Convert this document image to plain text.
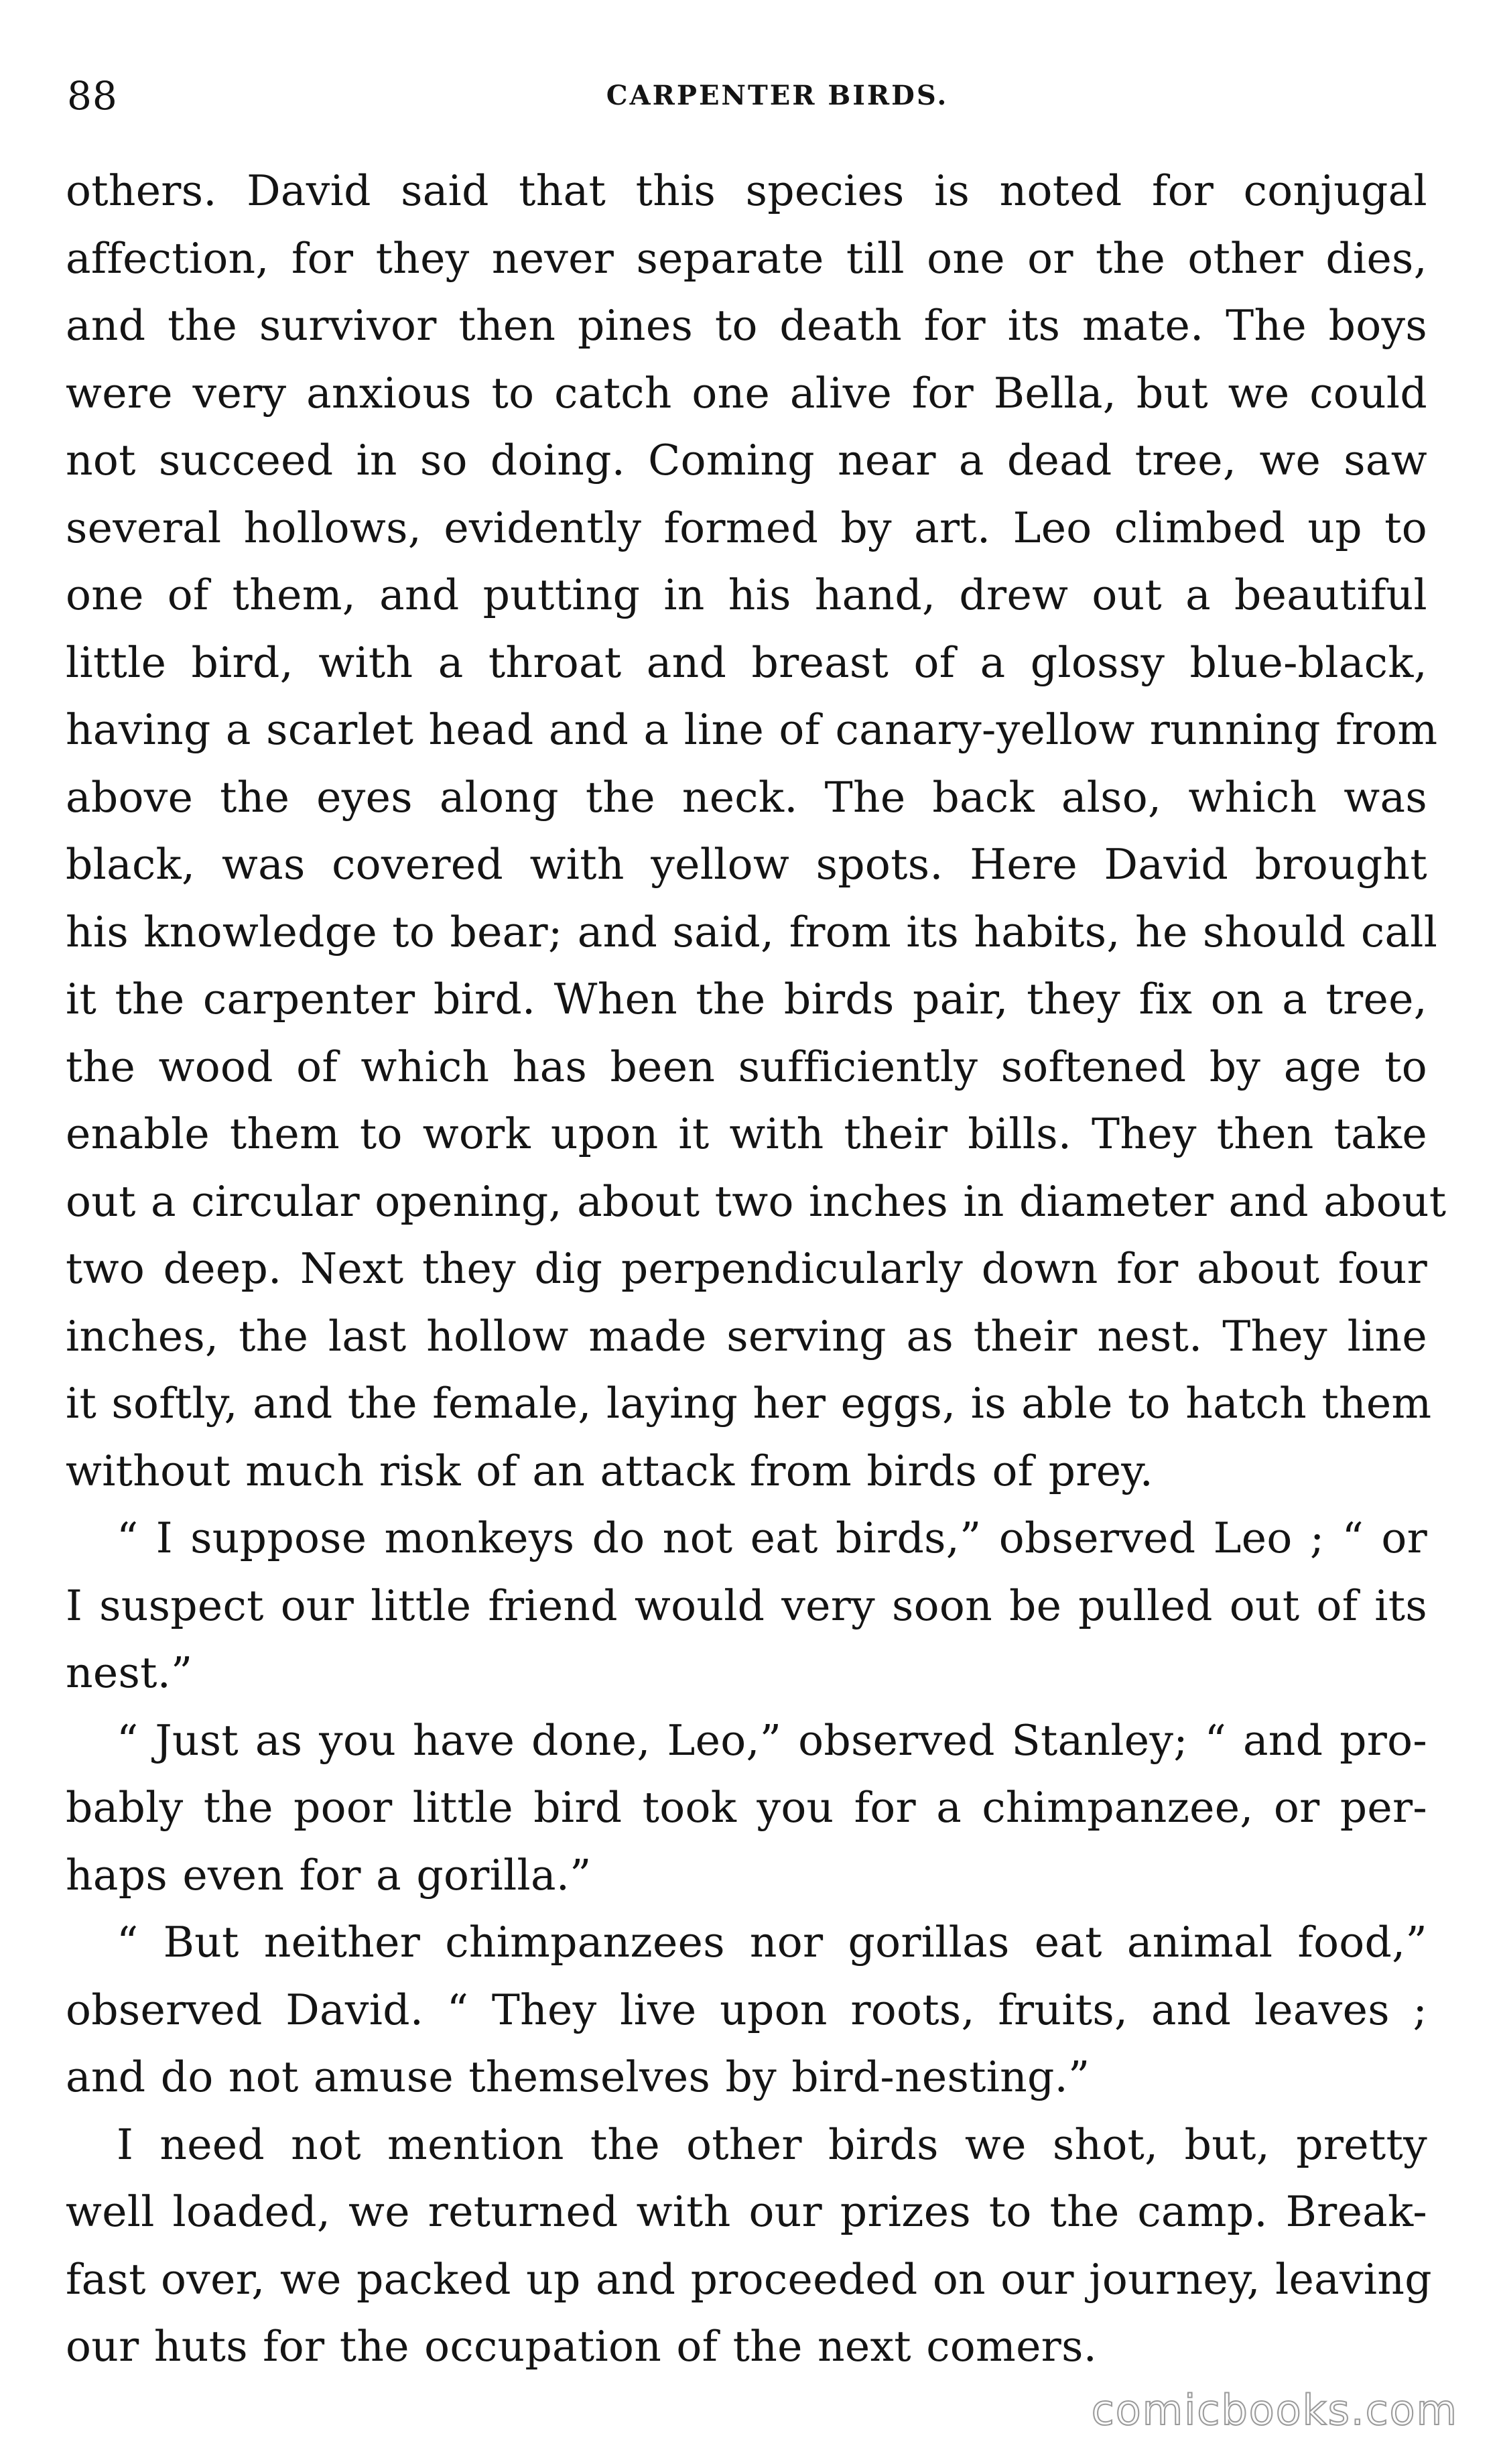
88	CARPENTER BIRDS.
others. David said that this species is noted for conjugal
affection, for they never separate till one or the other dies,
and the survivor then pines to death for its mate. The boys
were very anxious to catch one alive for Bella, but we could
not succeed in so doing. Coming near a dead tree, we saw
several hollows, evidently formed by art. Leo climbed up to
one of them, and putting in his hand, drew out a beautiful
little bird, with a throat and breast of a glossy blue-black,
having a scarlet head and a line of canary-yellow running from
above the eyes along the neck. The back also, which was
black, was covered with yellow spots. Here David brought
his knowledge to bear; and said, from its habits, he should call
it the carpenter bird. When the birds pair, they fix on a tree,
the wood of which has been sufficiently softened by age to
enable them to work upon it with their bills. They then take
out a circular opening, about two inches in diameter and about
two deep. Next they dig perpendicularly down for about four
inches, the last hollow made serving as their nest. They line
it softly, and the female, laying her eggs, is able to hatch them
without much risk of an attack from birds of prey.
“ I suppose monkeys do not eat birds,” observed Leo ; “ or
I suspect our little friend would very soon be pulled out of its
nest.”
“ Just as you have done, Leo,” observed Stanley; “ and pro-
bably the poor little bird took you for a chimpanzee, or per-
haps even for a gorilla.”
“ But neither chimpanzees nor gorillas eat animal food,”
observed David. “ They live upon roots, fruits, and leaves ;
and do not amuse themselves by bird-nesting.”
I need not mention the other birds we shot, but, pretty
well loaded, we returned with our prizes to the camp. Break-
fast over, we packed up and proceeded on our journey, leaving
our huts for the occupation of the next comers.
comicbooks.com
